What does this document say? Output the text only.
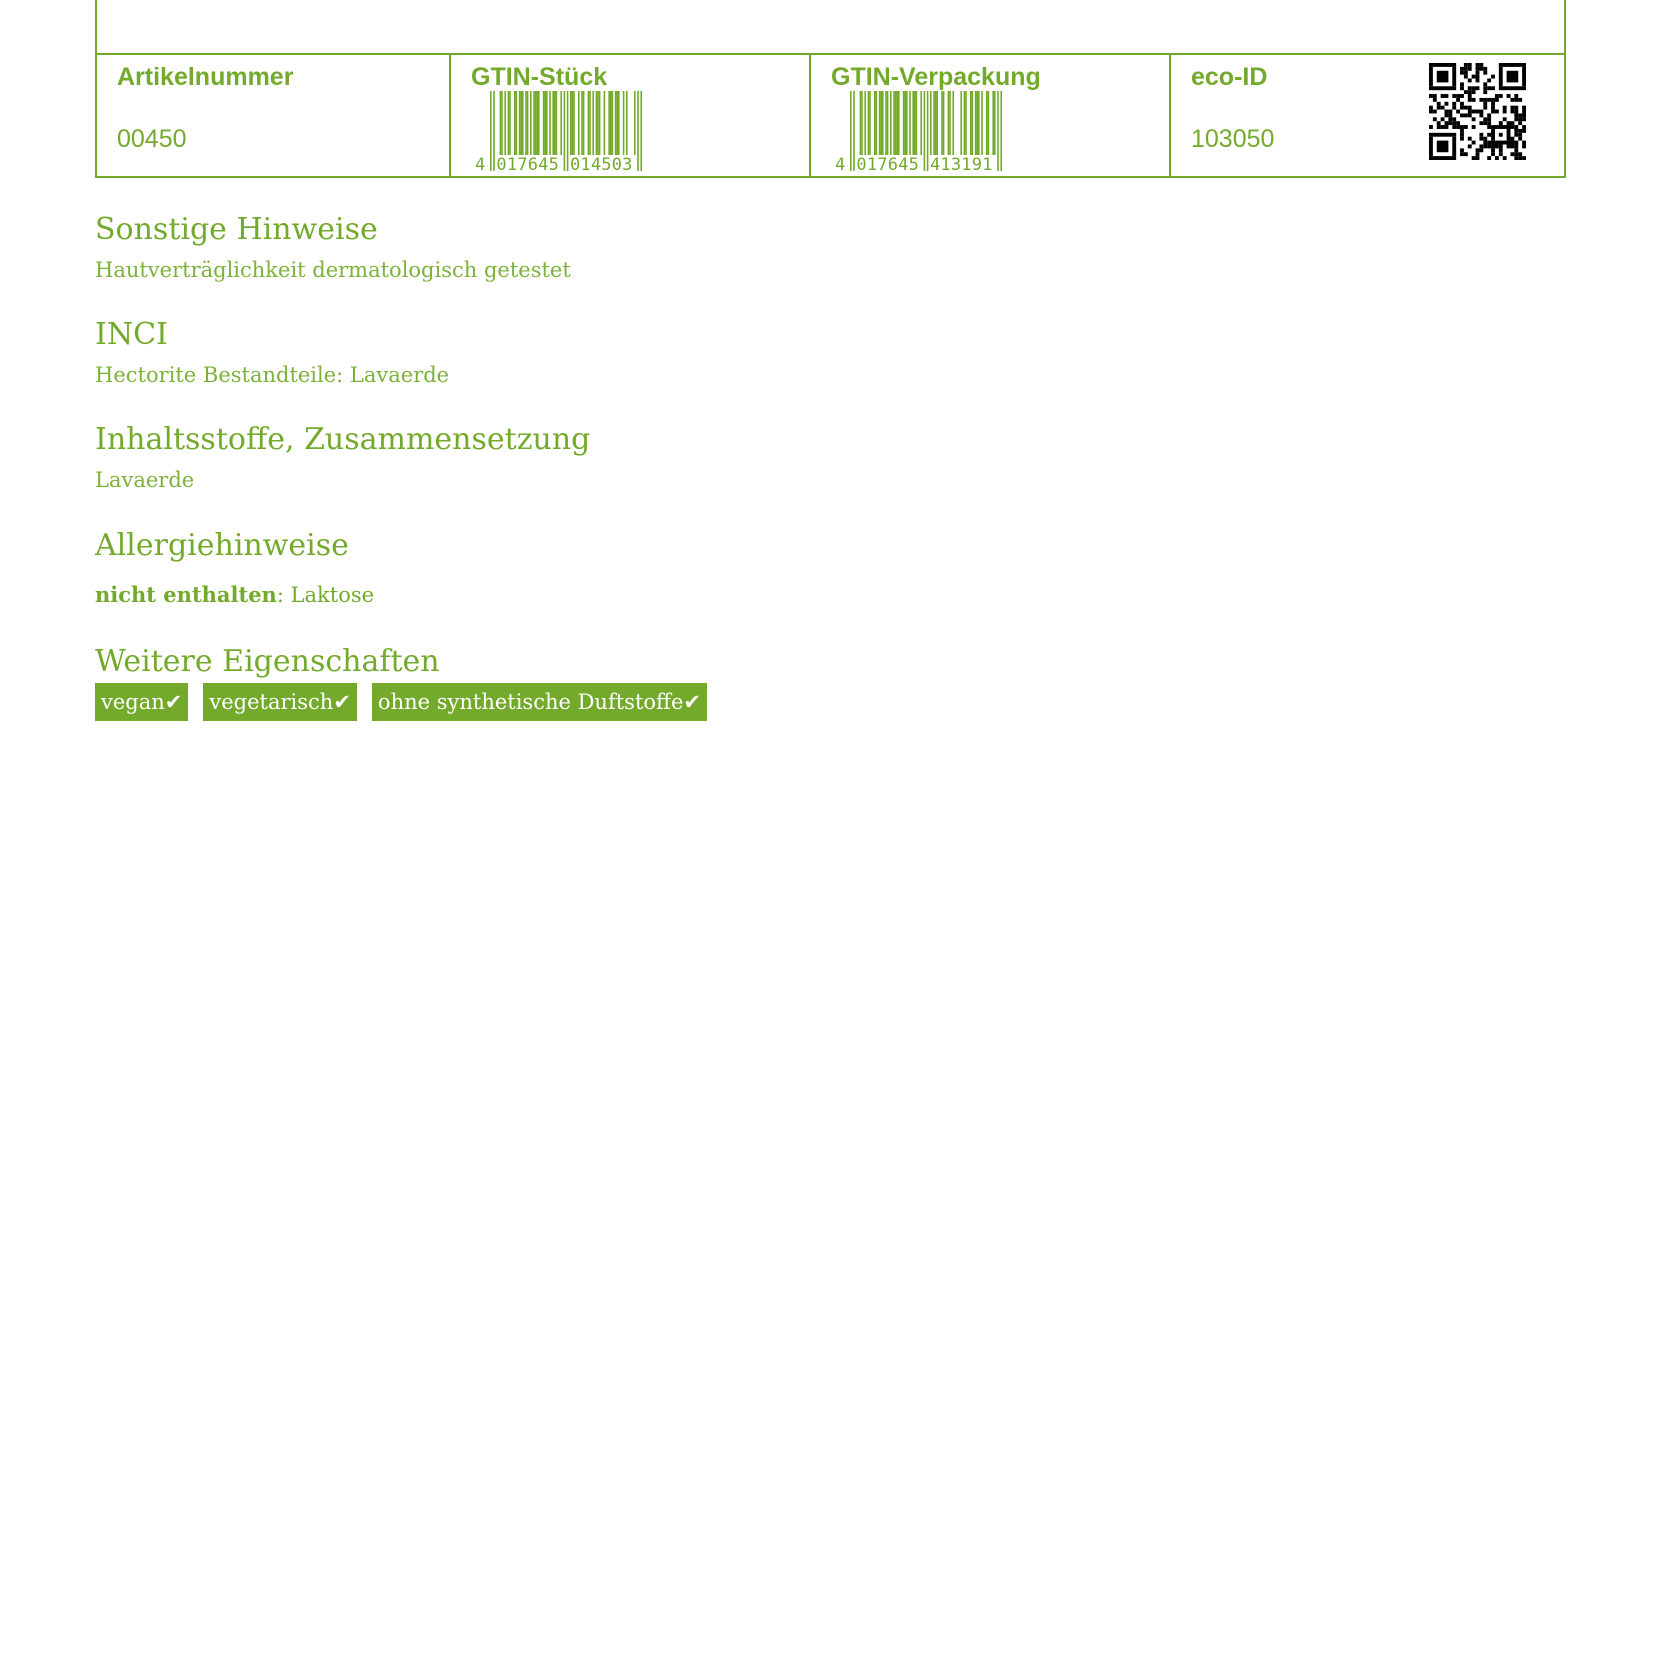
Artikelnummer
00450
GTIN-Stück
4 017645 014503
GTIN-Verpackung
4 017645 413191
eco-ID
103050
Sonstige Hinweise
Hautverträglichkeit dermatologisch getestet
INCI
Hectorite Bestandteile: Lavaerde
Inhaltsstoffe, Zusammensetzung
Lavaerde
Allergiehinweise
nicht enthalten: Laktose
Weitere Eigenschaften
vegan✔ vegetarisch✔ ohne synthetische Duftstoffe✔
